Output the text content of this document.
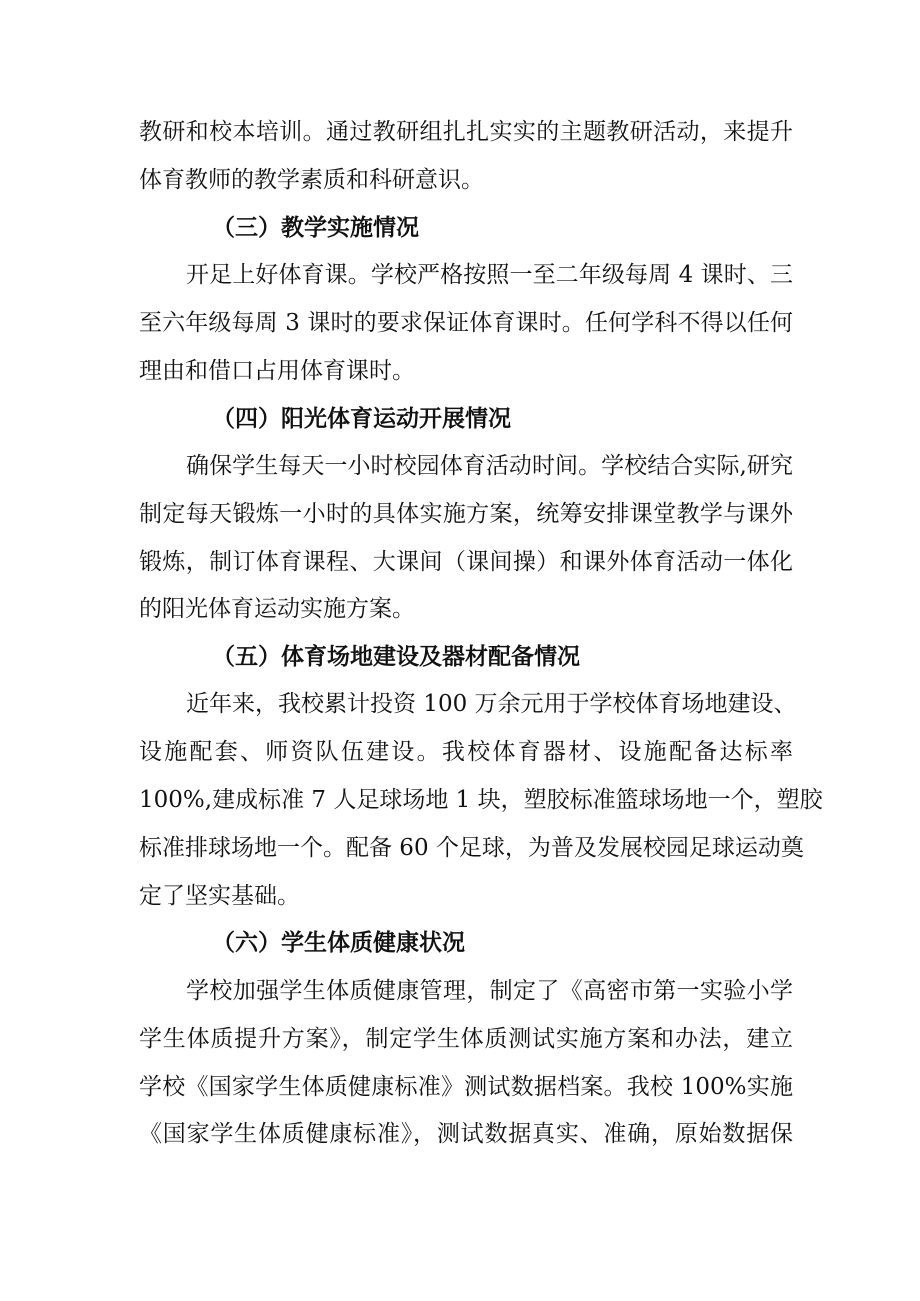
教研和校本培训。通过教研组扎扎实实的主题教研活动，来提升
体育教师的教学素质和科研意识。
（三）教学实施情况
开足上好体育课。学校严格按照一至二年级每周 4 课时、三
至六年级每周 3 课时的要求保证体育课时。任何学科不得以任何
理由和借口占用体育课时。
（四）阳光体育运动开展情况
确保学生每天一小时校园体育活动时间。学校结合实际,研究
制定每天锻炼一小时的具体实施方案，统筹安排课堂教学与课外
锻炼，制订体育课程、大课间（课间操）和课外体育活动一体化
的阳光体育运动实施方案。
（五）体育场地建设及器材配备情况
近年来，我校累计投资 100 万余元用于学校体育场地建设、
设施配套、师资队伍建设。我校体育器材、设施配备达标率
100%,建成标准 7 人足球场地 1 块，塑胶标准篮球场地一个，塑胶
标准排球场地一个。配备 60 个足球，为普及发展校园足球运动奠
定了坚实基础。
（六）学生体质健康状况
学校加强学生体质健康管理，制定了《高密市第一实验小学
学生体质提升方案》，制定学生体质测试实施方案和办法，建立
学校《国家学生体质健康标准》测试数据档案。我校 100%实施
《国家学生体质健康标准》，测试数据真实、准确，原始数据保
